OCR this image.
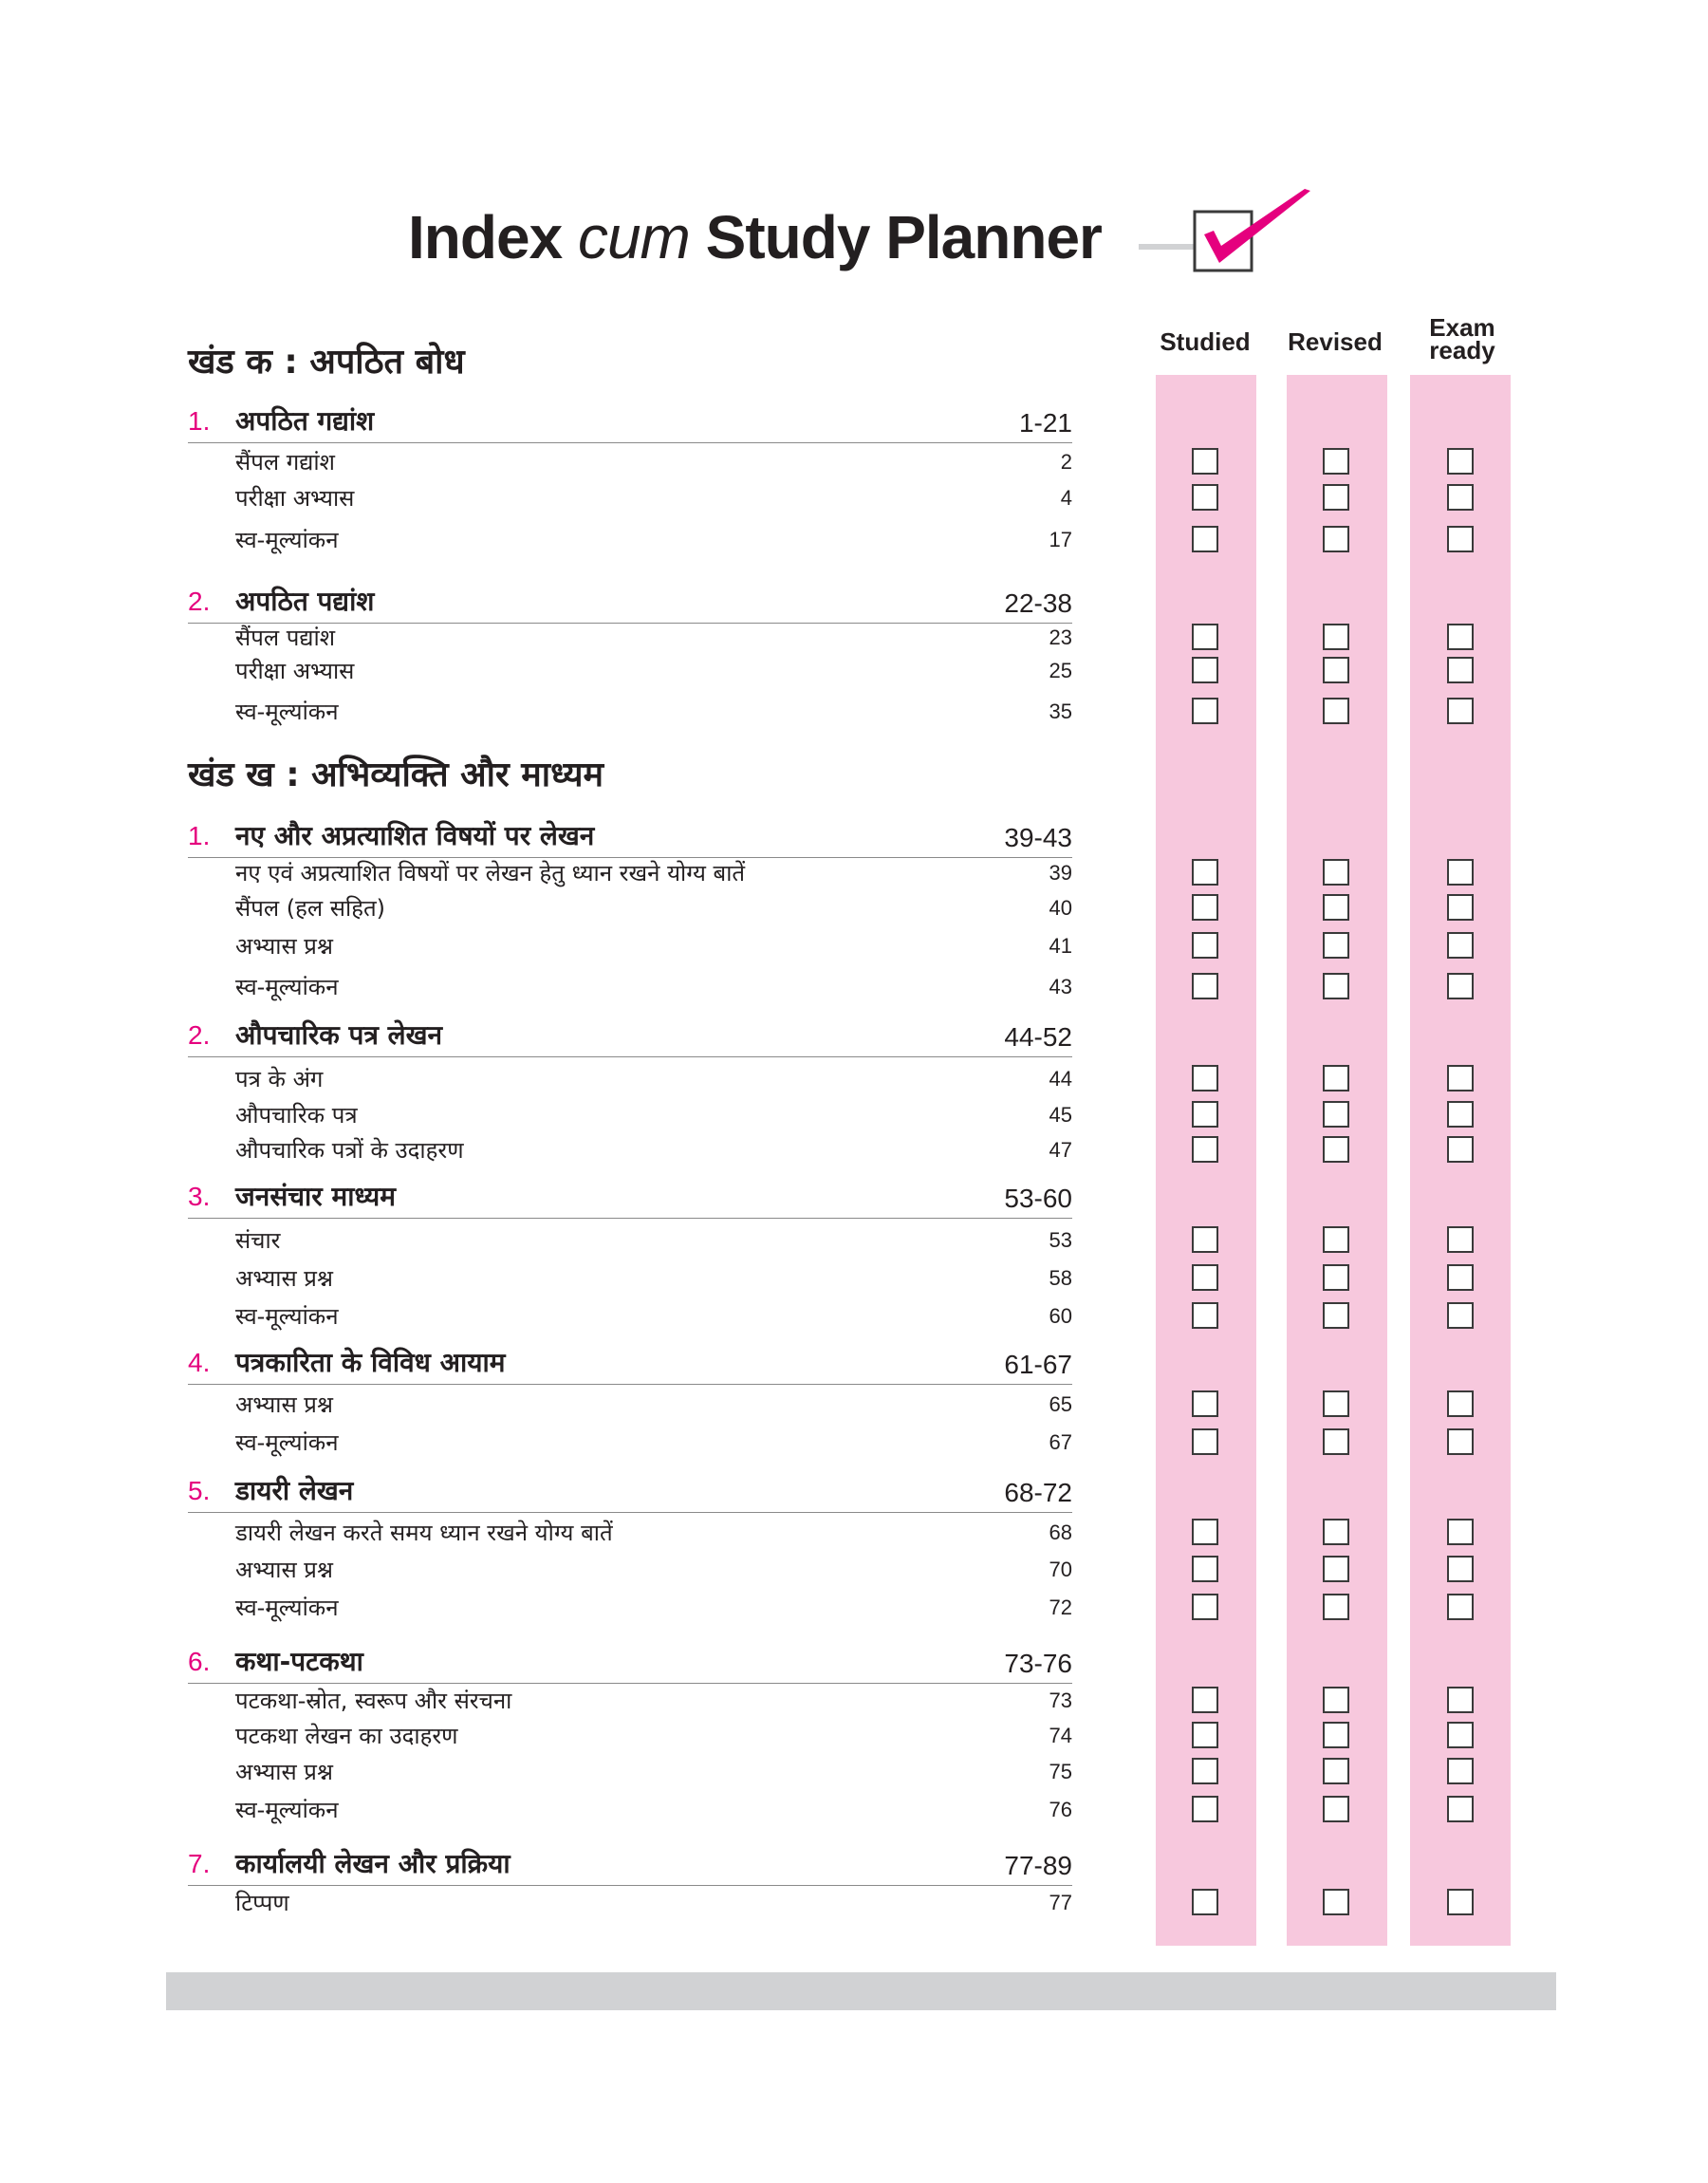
Index cum Study Planner
Studied Revised	Exam ready
खंड क : अपठित बोध
1. अपठित गद्यांश	1-21
सैंपल गद्यांश	2
परीक्षा अभ्यास	4
स्व-मूल्यांकन	17
2. अपठित पद्यांश	22-38
सैंपल पद्यांश	23
परीक्षा अभ्यास	25
स्व-मूल्यांकन	35
खंड ख : अभिव्यक्ति और माध्यम
1. नए और अप्रत्याशित विषयों पर लेखन	39-43
नए एवं अप्रत्याशित विषयों पर लेखन हेतु ध्यान रखने योग्य बातें	39
सैंपल (हल सहित)	40
अभ्यास प्रश्न	41
स्व-मूल्यांकन	43
2. औपचारिक पत्र लेखन	44-52
पत्र के अंग	44
औपचारिक पत्र	45
औपचारिक पत्रों के उदाहरण	47
3. जनसंचार माध्यम	53-60
संचार	53
अभ्यास प्रश्न	58
स्व-मूल्यांकन	60
4. पत्रकारिता के विविध आयाम	61-67
अभ्यास प्रश्न	65
स्व-मूल्यांकन	67
5. डायरी लेखन	68-72
डायरी लेखन करते समय ध्यान रखने योग्य बातें	68
अभ्यास प्रश्न	70
स्व-मूल्यांकन	72
6. कथा-पटकथा	73-76
पटकथा-स्रोत, स्वरूप और संरचना	73
पटकथा लेखन का उदाहरण	74
अभ्यास प्रश्न	75
स्व-मूल्यांकन	76
7. कार्यालयी लेखन और प्रक्रिया	77-89
टिप्पण	77
